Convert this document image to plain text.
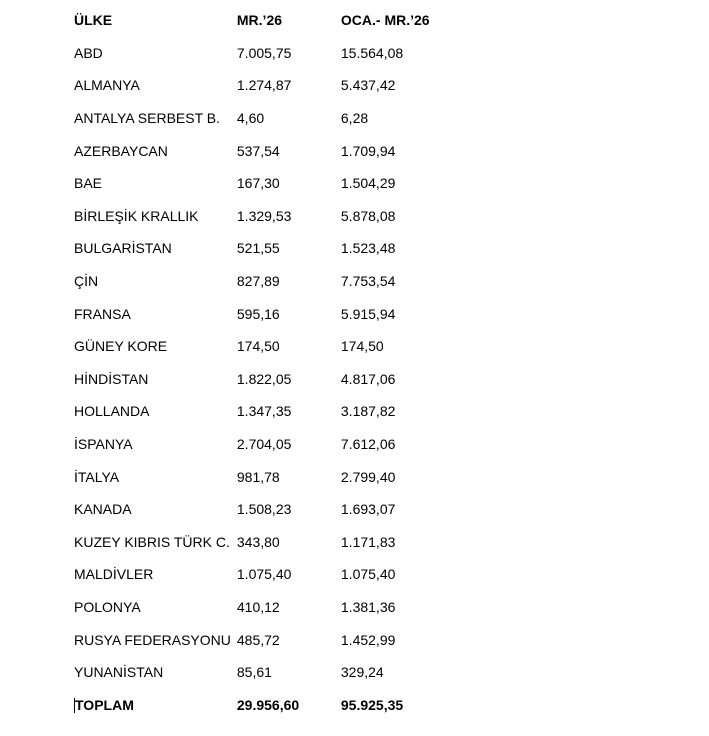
ÜLKE	MR.’26	OCA.- MR.’26
ABD	7.005,75	15.564,08
ALMANYA	1.274,87	5.437,42
ANTALYA SERBEST B.	4,60	6,28
AZERBAYCAN	537,54	1.709,94
BAE	167,30	1.504,29
BİRLEŞİK KRALLIK	1.329,53	5.878,08
BULGARİSTAN	521,55	1.523,48
ÇİN	827,89	7.753,54
FRANSA	595,16	5.915,94
GÜNEY KORE	174,50	174,50
HİNDİSTAN	1.822,05	4.817,06
HOLLANDA	1.347,35	3.187,82
İSPANYA	2.704,05	7.612,06
İTALYA	981,78	2.799,40
KANADA	1.508,23	1.693,07
KUZEY KIBRIS TÜRK C.	343,80	1.171,83
MALDİVLER	1.075,40	1.075,40
POLONYA	410,12	1.381,36
RUSYA FEDERASYONU	485,72	1.452,99
YUNANİSTAN	85,61	329,24
TOPLAM	29.956,60	95.925,35
